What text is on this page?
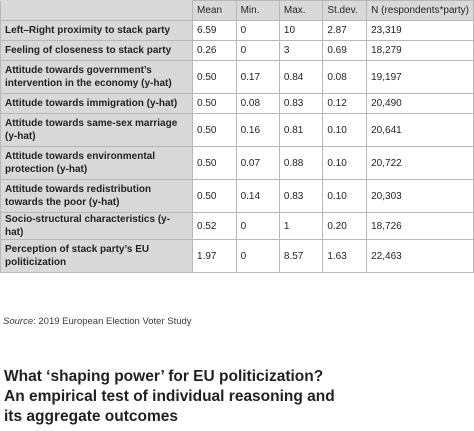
	Mean	Min.	Max.	St.dev.	N (respondents*party)
Left–Right proximity to stack party	6.59	0	10	2.87	23,319
Feeling of closeness to stack party	0.26	0	3	0.69	18,279
Attitude towards government’s intervention in the economy (y-hat)	0.50	0.17	0.84	0.08	19,197
Attitude towards immigration (y-hat)	0.50	0.08	0.83	0.12	20,490
Attitude towards same-sex marriage (y-hat)	0.50	0.16	0.81	0.10	20,641
Attitude towards environmental protection (y-hat)	0.50	0.07	0.88	0.10	20,722
Attitude towards redistribution towards the poor (y-hat)	0.50	0.14	0.83	0.10	20,303
Socio-structural characteristics (y-hat)	0.52	0	1	0.20	18,726
Perception of stack party’s EU politicization	1.97	0	8.57	1.63	22,463
Source: 2019 European Election Voter Study
What ‘shaping power’ for EU politicization?
An empirical test of individual reasoning and
its aggregate outcomes
